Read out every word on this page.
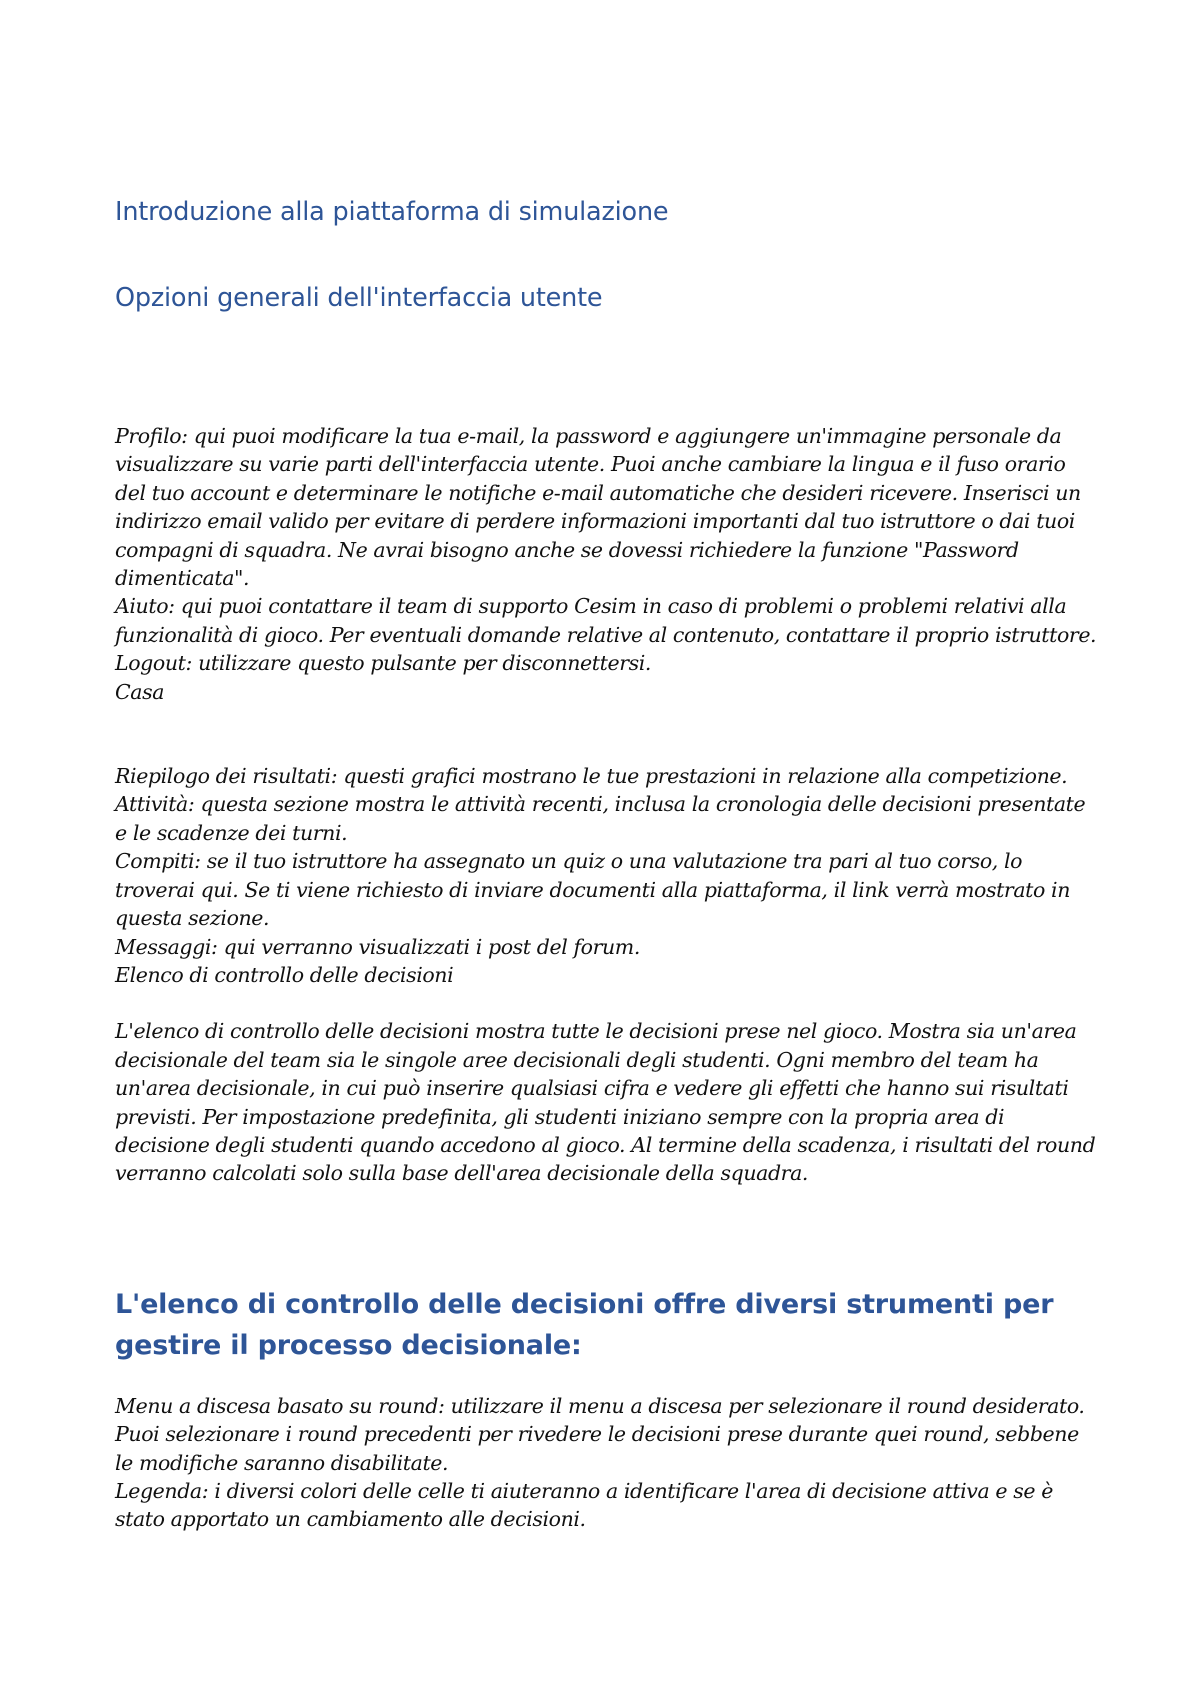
Introduzione alla piattaforma di simulazione
Opzioni generali dell'interfaccia utente

Profilo: qui puoi modificare la tua e-mail, la password e aggiungere un'immagine personale da visualizzare su varie parti dell'interfaccia utente. Puoi anche cambiare la lingua e il fuso orario del tuo account e determinare le notifiche e-mail automatiche che desideri ricevere. Inserisci un indirizzo email valido per evitare di perdere informazioni importanti dal tuo istruttore o dai tuoi compagni di squadra. Ne avrai bisogno anche se dovessi richiedere la funzione "Password dimenticata".

Aiuto: qui puoi contattare il team di supporto Cesim in caso di problemi o problemi relativi alla funzionalità di gioco. Per eventuali domande relative al contenuto, contattare il proprio istruttore.

Logout: utilizzare questo pulsante per disconnettersi.

Casa

Riepilogo dei risultati: questi grafici mostrano le tue prestazioni in relazione alla competizione.

Attività: questa sezione mostra le attività recenti, inclusa la cronologia delle decisioni presentate e le scadenze dei turni.

Compiti: se il tuo istruttore ha assegnato un quiz o una valutazione tra pari al tuo corso, lo troverai qui. Se ti viene richiesto di inviare documenti alla piattaforma, il link verrà mostrato in questa sezione.

Messaggi: qui verranno visualizzati i post del forum.

Elenco di controllo delle decisioni

L'elenco di controllo delle decisioni mostra tutte le decisioni prese nel gioco. Mostra sia un'area decisionale del team sia le singole aree decisionali degli studenti. Ogni membro del team ha un'area decisionale, in cui può inserire qualsiasi cifra e vedere gli effetti che hanno sui risultati previsti. Per impostazione predefinita, gli studenti iniziano sempre con la propria area di decisione degli studenti quando accedono al gioco. Al termine della scadenza, i risultati del round verranno calcolati solo sulla base dell'area decisionale della squadra.

L'elenco di controllo delle decisioni offre diversi strumenti per gestire il processo decisionale:

Menu a discesa basato su round: utilizzare il menu a discesa per selezionare il round desiderato. Puoi selezionare i round precedenti per rivedere le decisioni prese durante quei round, sebbene le modifiche saranno disabilitate.

Legenda: i diversi colori delle celle ti aiuteranno a identificare l'area di decisione attiva e se è stato apportato un cambiamento alle decisioni.
